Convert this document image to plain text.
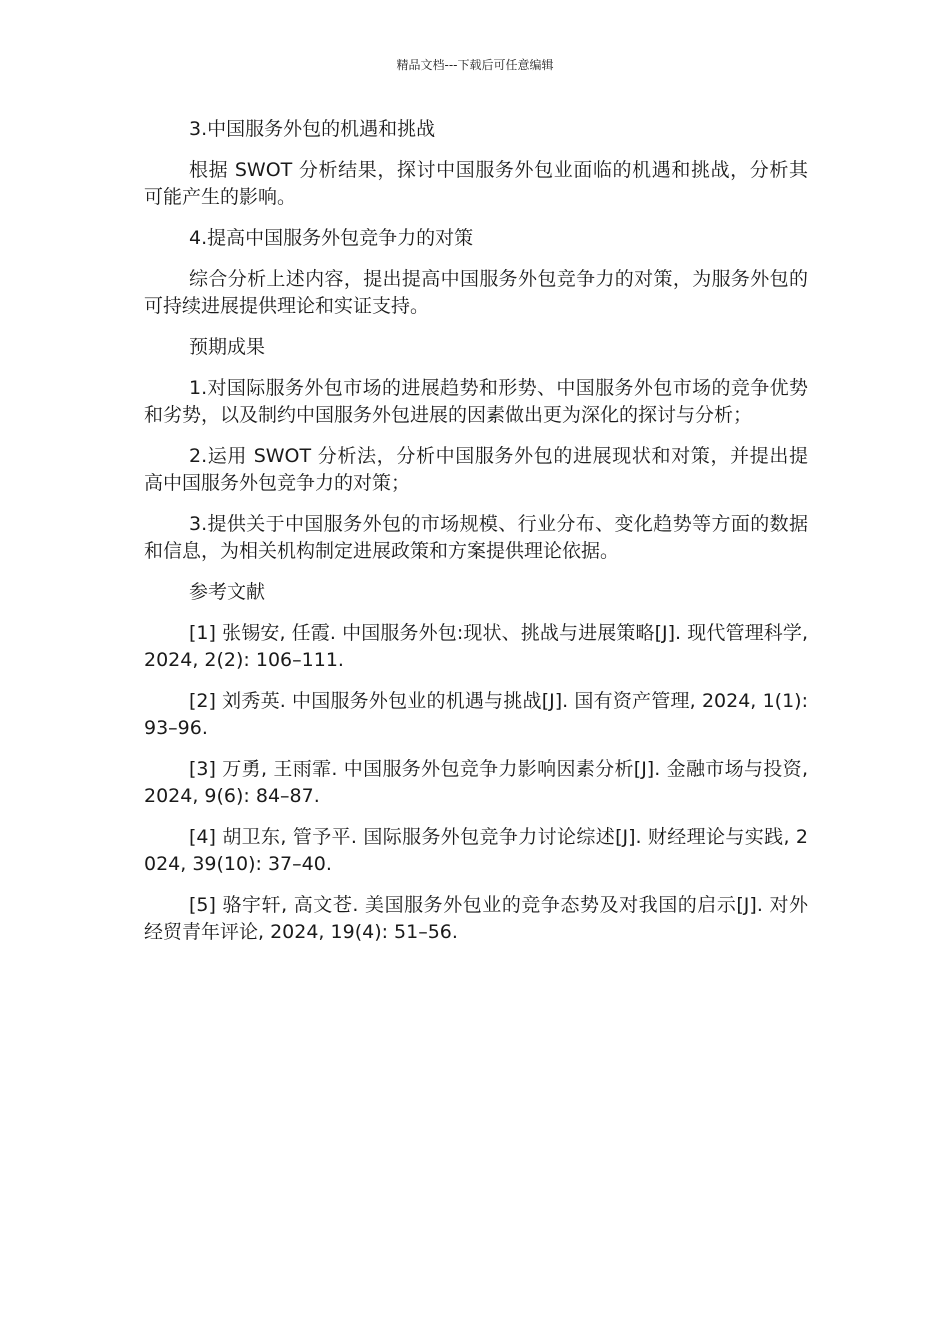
精品文档---下载后可任意编辑
3.中国服务外包的机遇和挑战
根据 SWOT 分析结果，探讨中国服务外包业面临的机遇和挑战，分析其可能产生的影响。
4.提高中国服务外包竞争力的对策
综合分析上述内容，提出提高中国服务外包竞争力的对策，为服务外包的可持续进展提供理论和实证支持。
预期成果
1.对国际服务外包市场的进展趋势和形势、中国服务外包市场的竞争优势和劣势，以及制约中国服务外包进展的因素做出更为深化的探讨与分析；
2.运用 SWOT 分析法，分析中国服务外包的进展现状和对策，并提出提高中国服务外包竞争力的对策；
3.提供关于中国服务外包的市场规模、行业分布、变化趋势等方面的数据和信息，为相关机构制定进展政策和方案提供理论依据。
参考文献
[1] 张锡安, 任霞. 中国服务外包:现状、挑战与进展策略[J]. 现代管理科学, 2024, 2(2): 106–111.
[2] 刘秀英. 中国服务外包业的机遇与挑战[J]. 国有资产管理, 2024, 1(1): 93–96.
[3] 万勇, 王雨霏. 中国服务外包竞争力影响因素分析[J]. 金融市场与投资, 2024, 9(6): 84–87.
[4] 胡卫东, 管予平. 国际服务外包竞争力讨论综述[J]. 财经理论与实践, 2024, 39(10): 37–40.
[5] 骆宇轩, 高文苍. 美国服务外包业的竞争态势及对我国的启示[J]. 对外经贸青年评论, 2024, 19(4): 51–56.
